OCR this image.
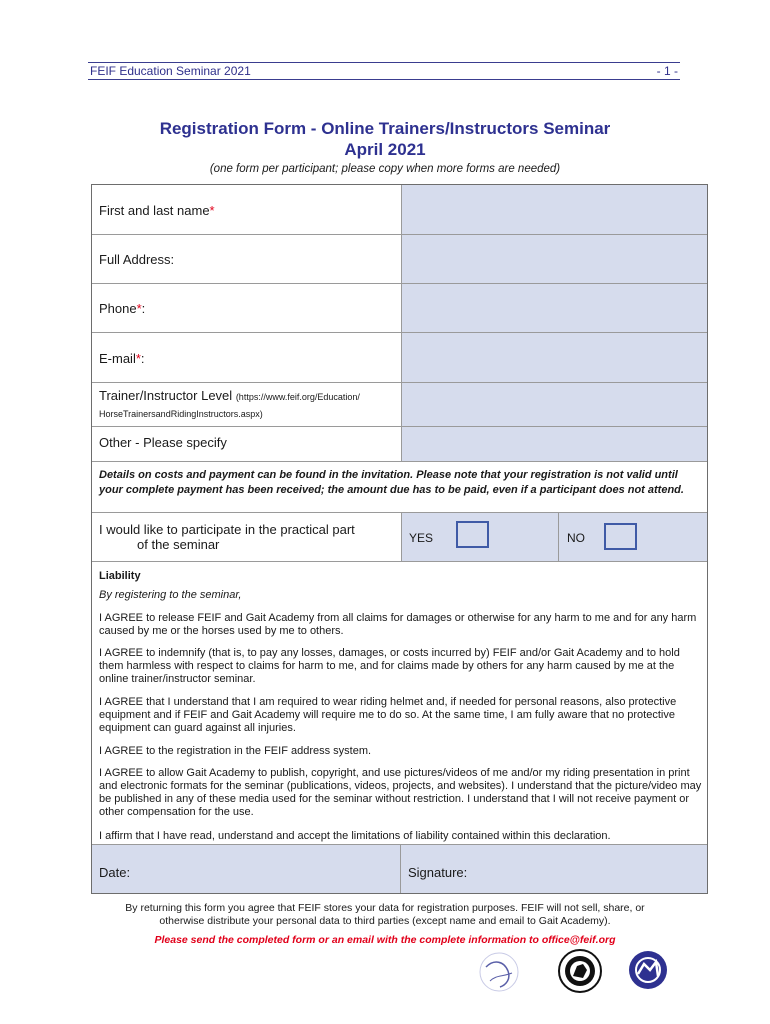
FEIF Education Seminar 2021	- 1 -
Registration Form - Online Trainers/Instructors Seminar
April 2021
(one form per participant; please copy when more forms are needed)
First and last name*
Full Address:
Phone*:
E-mail*:
Trainer/Instructor Level (https://www.feif.org/Education/
HorseTrainersandRidingInstructors.aspx)
Other - Please specify
Details on costs and payment can be found in the invitation. Please note that your registration is not valid until your complete payment has been received; the amount due has to be paid, even if a participant does not attend.
I would like to participate in the practical part
of the seminar	YES	NO
Liability
By registering to the seminar,
I AGREE to release FEIF and Gait Academy from all claims for damages or otherwise for any harm to me and for any harm caused by me or the horses used by me to others.
I AGREE to indemnify (that is, to pay any losses, damages, or costs incurred by) FEIF and/or Gait Academy and to hold them harmless with respect to claims for harm to me, and for claims made by others for any harm caused by me at the online trainer/instructor seminar.
I AGREE that I understand that I am required to wear riding helmet and, if needed for personal reasons, also protective equipment and if FEIF and Gait Academy will require me to do so. At the same time, I am fully aware that no protective equipment can guard against all injuries.
I AGREE to the registration in the FEIF address system.
I AGREE to allow Gait Academy to publish, copyright, and use pictures/videos of me and/or my riding presentation in print and electronic formats for the seminar (publications, videos, projects, and websites). I understand that the picture/video may be published in any of these media used for the seminar without restriction. I understand that I will not receive payment or other compensation for the use.
I affirm that I have read, understand and accept the limitations of liability contained within this declaration.
Date:	Signature:
By returning this form you agree that FEIF stores your data for registration purposes. FEIF will not sell, share, or
otherwise distribute your personal data to third parties (except name and email to Gait Academy).
Please send the completed form or an email with the complete information to office@feif.org
